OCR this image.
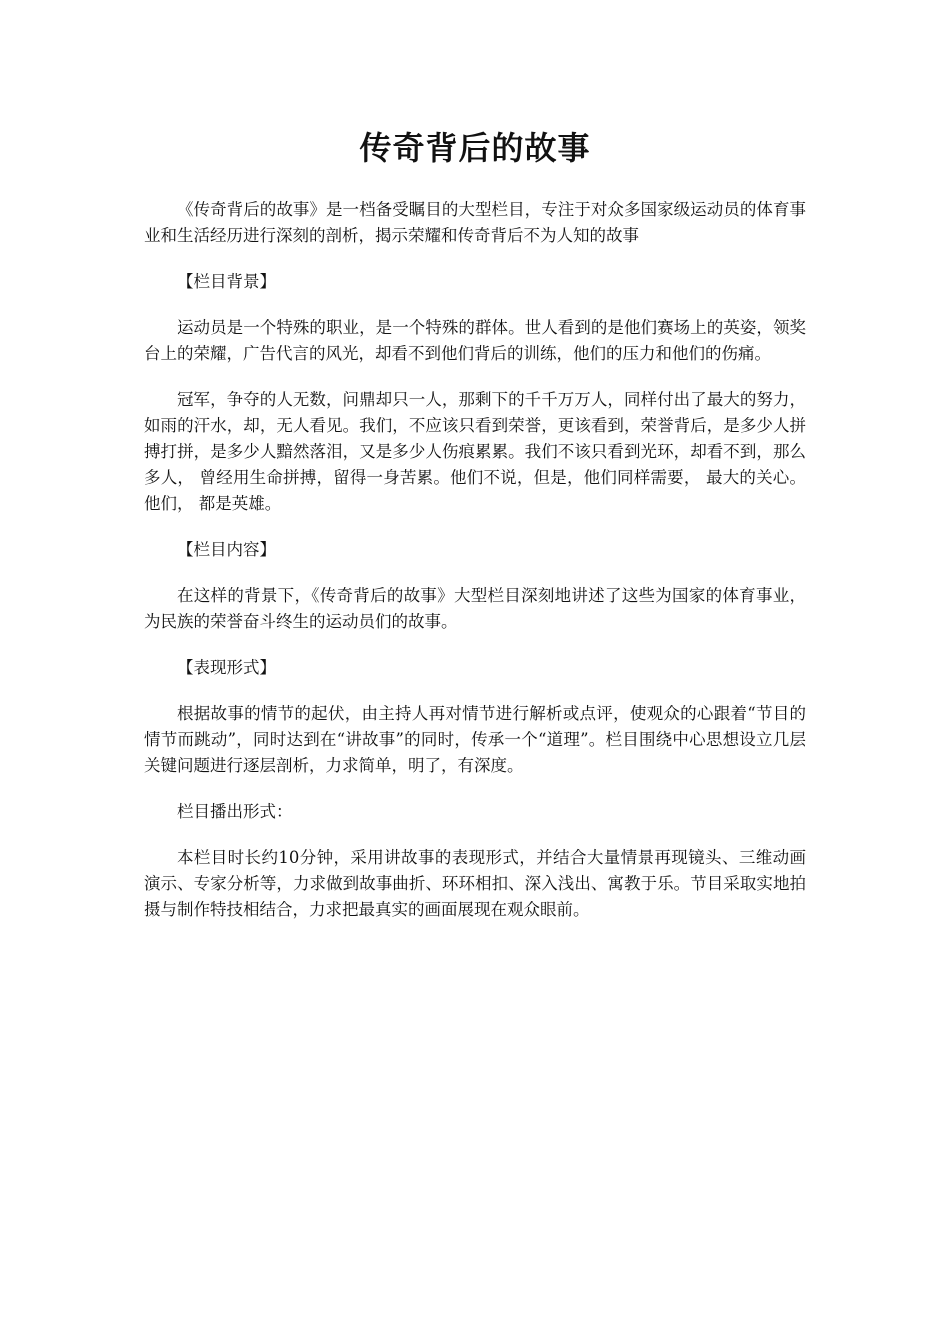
传奇背后的故事

《传奇背后的故事》是一档备受瞩目的大型栏目，专注于对众多国家级运动员的体育事业和生活经历进行深刻的剖析，揭示荣耀和传奇背后不为人知的故事

【栏目背景】

运动员是一个特殊的职业，是一个特殊的群体。世人看到的是他们赛场上的英姿，领奖台上的荣耀，广告代言的风光，却看不到他们背后的训练，他们的压力和他们的伤痛。

冠军，争夺的人无数，问鼎却只一人，那剩下的千千万万人，同样付出了最大的努力，如雨的汗水，却，无人看见。我们，不应该只看到荣誉，更该看到，荣誉背后，是多少人拼搏打拼，是多少人黯然落泪，又是多少人伤痕累累。我们不该只看到光环，却看不到，那么多人， 曾经用生命拼搏，留得一身苦累。他们不说，但是，他们同样需要， 最大的关心。 他们， 都是英雄。

【栏目内容】

在这样的背景下，《传奇背后的故事》大型栏目深刻地讲述了这些为国家的体育事业，为民族的荣誉奋斗终生的运动员们的故事。

【表现形式】

根据故事的情节的起伏，由主持人再对情节进行解析或点评，使观众的心跟着“节目的情节而跳动”，同时达到在“讲故事”的同时，传承一个“道理”。栏目围绕中心思想设立几层关键问题进行逐层剖析，力求简单，明了，有深度。

栏目播出形式：

本栏目时长约10分钟，采用讲故事的表现形式，并结合大量情景再现镜头、三维动画演示、专家分析等，力求做到故事曲折、环环相扣、深入浅出、寓教于乐。节目采取实地拍摄与制作特技相结合，力求把最真实的画面展现在观众眼前。
